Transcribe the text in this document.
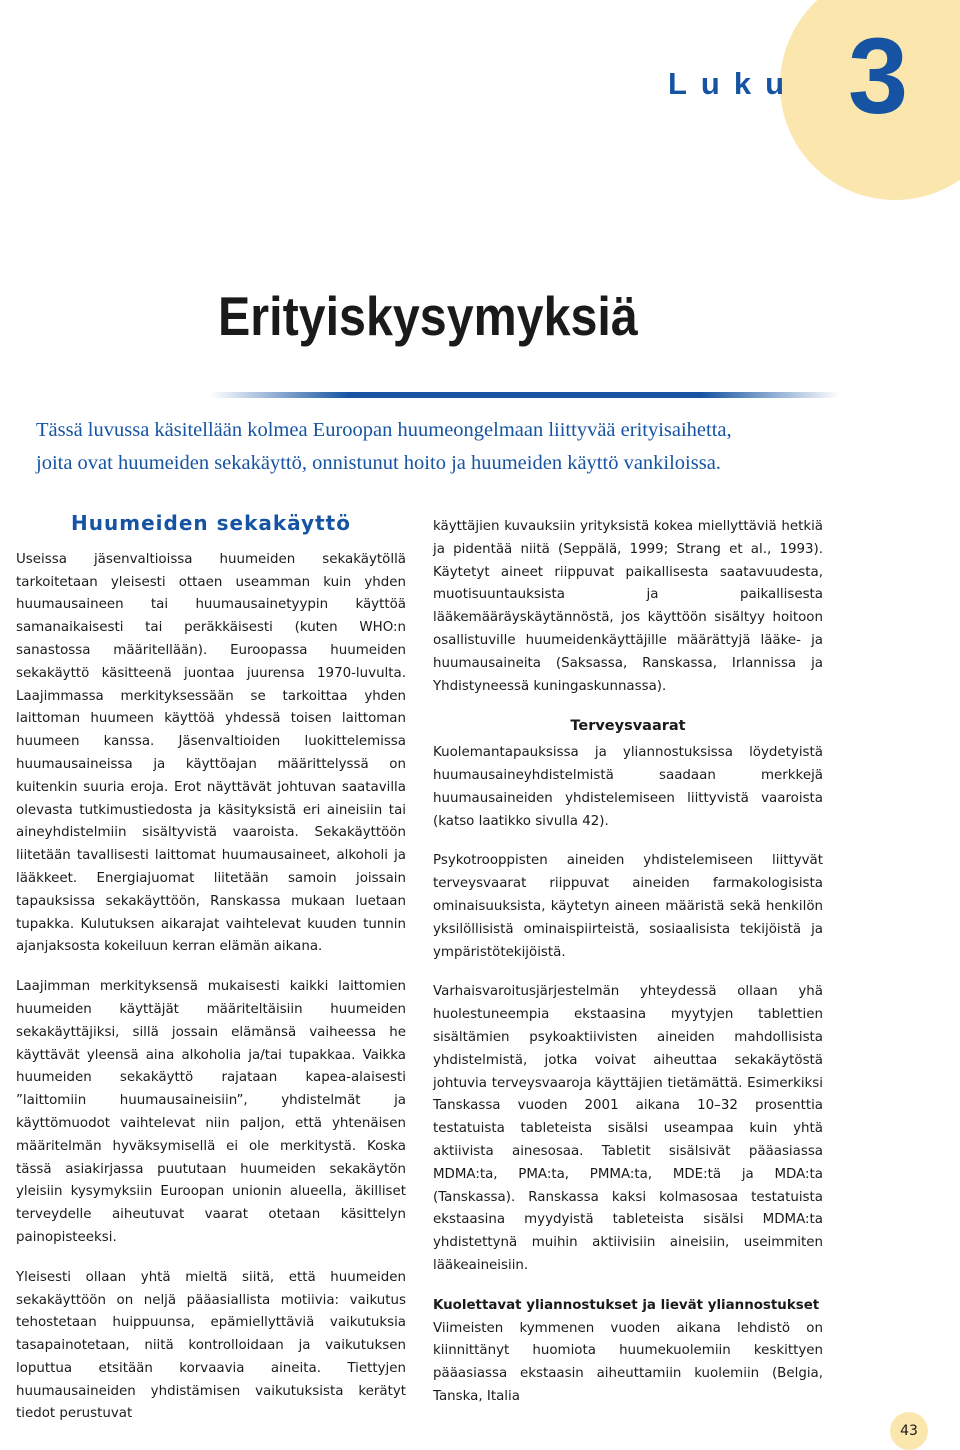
Luku 3
Erityiskysymyksiä

Tässä luvussa käsitellään kolmea Euroopan huumeongelmaan liittyvää erityisaihetta,

joita ovat huumeiden sekakäyttö, onnistunut hoito ja huumeiden käyttö vankiloissa.

Huumeiden sekakäyttö

Useissa jäsenvaltioissa huumeiden sekakäytöllä tarkoitetaan yleisesti ottaen useamman kuin yhden huumausaineen tai huumausainetyypin käyttöä samanaikaisesti tai peräkkäisesti (kuten WHO:n sanastossa määritellään). Euroopassa huumeiden sekakäyttö käsitteenä juontaa juurensa 1970-luvulta. Laajimmassa merkityksessään se tarkoittaa yhden laittoman huumeen käyttöä yhdessä toisen laittoman huumeen kanssa. Jäsenvaltioiden luokittelemissa huumausaineissa ja käyttöajan määrittelyssä on kuitenkin suuria eroja. Erot näyttävät johtuvan saatavilla olevasta tutkimustiedosta ja käsityksistä eri aineisiin tai aineyhdistelmiin sisältyvistä vaaroista. Sekakäyttöön liitetään tavallisesti laittomat huumausaineet, alkoholi ja lääkkeet. Energiajuomat liitetään samoin joissain tapauksissa sekakäyttöön, Ranskassa mukaan luetaan tupakka. Kulutuksen aikarajat vaihtelevat kuuden tunnin ajanjaksosta kokeiluun kerran elämän aikana.

Laajimman merkityksensä mukaisesti kaikki laittomien huumeiden käyttäjät määriteltäisiin huumeiden sekakäyttäjiksi, sillä jossain elämänsä vaiheessa he käyttävät yleensä aina alkoholia ja/tai tupakkaa. Vaikka huumeiden sekakäyttö rajataan kapea-alaisesti ”laittomiin huumausaineisiin”, yhdistelmät ja käyttömuodot vaihtelevat niin paljon, että yhtenäisen määritelmän hyväksymisellä ei ole merkitystä. Koska tässä asiakirjassa puututaan huumeiden sekakäytön yleisiin kysymyksiin Euroopan unionin alueella, äkilliset terveydelle aiheutuvat vaarat otetaan käsittelyn painopisteeksi.

Yleisesti ollaan yhtä mieltä siitä, että huumeiden sekakäyttöön on neljä pääasiallista motiivia: vaikutus tehostetaan huippuunsa, epämiellyttäviä vaikutuksia tasapainotetaan, niitä kontrolloidaan ja vaikutuksen loputtua etsitään korvaavia aineita. Tiettyjen huumausaineiden yhdistämisen vaikutuksista kerätyt tiedot perustuvat

käyttäjien kuvauksiin yrityksistä kokea miellyttäviä hetkiä ja pidentää niitä (Seppälä, 1999; Strang et al., 1993). Käytetyt aineet riippuvat paikallisesta saatavuudesta, muotisuuntauksista ja paikallisesta lääkemääräyskäytännöstä, jos käyttöön sisältyy hoitoon osallistuville huumeidenkäyttäjille määrättyjä lääke- ja huumausaineita (Saksassa, Ranskassa, Irlannissa ja Yhdistyneessä kuningaskunnassa).

Terveysvaarat

Kuolemantapauksissa ja yliannostuksissa löydetyistä huumausaineyhdistelmistä saadaan merkkejä huumausaineiden yhdistelemiseen liittyvistä vaaroista (katso laatikko sivulla 42).

Psykotrooppisten aineiden yhdistelemiseen liittyvät terveysvaarat riippuvat aineiden farmakologisista ominaisuuksista, käytetyn aineen määristä sekä henkilön yksilöllisistä ominaispiirteistä, sosiaalisista tekijöistä ja ympäristötekijöistä.

Varhaisvaroitusjärjestelmän yhteydessä ollaan yhä huolestuneempia ekstaasina myytyjen tablettien sisältämien psykoaktiivisten aineiden mahdollisista yhdistelmistä, jotka voivat aiheuttaa sekakäytöstä johtuvia terveysvaaroja käyttäjien tietämättä. Esimerkiksi Tanskassa vuoden 2001 aikana 10–32 prosenttia testatuista tableteista sisälsi useampaa kuin yhtä aktiivista ainesosaa. Tabletit sisälsivät pääasiassa MDMA:ta, PMA:ta, PMMA:ta, MDE:tä ja MDA:ta (Tanskassa). Ranskassa kaksi kolmasosaa testatuista ekstaasina myydyistä tableteista sisälsi MDMA:ta yhdistettynä muihin aktiivisiin aineisiin, useimmiten lääkeaineisiin.

Kuolettavat yliannostukset ja lievät yliannostukset

Viimeisten kymmenen vuoden aikana lehdistö on kiinnittänyt huomiota huumekuolemiin keskittyen pääasiassa ekstaasin aiheuttamiin kuolemiin (Belgia, Tanska, Italia

43
